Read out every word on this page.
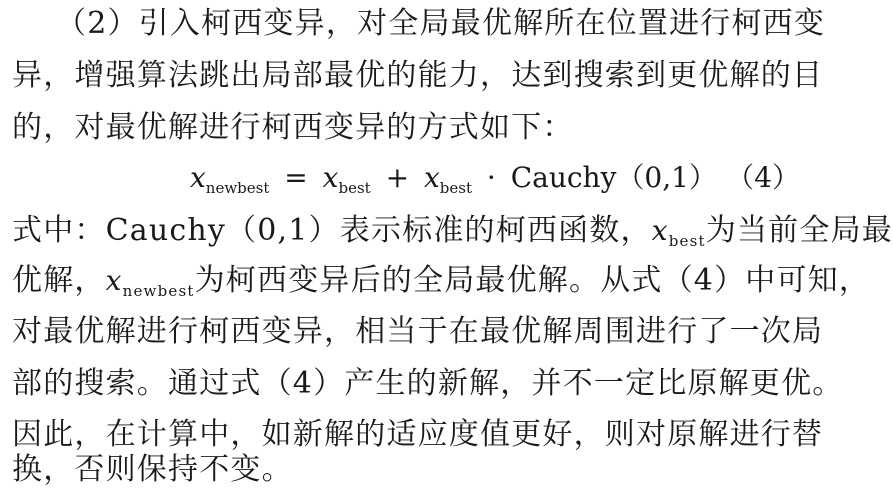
（2）引入柯西变异，对全局最优解所在位置进行柯西变
异，增强算法跳出局部最优的能力，达到搜索到更优解的目
的，对最优解进行柯西变异的方式如下：
$x_{newbest} = x_{best} + x_{best}$ · Cauchy（0,1） （4）
式中：Cauchy（0,1）表示标准的柯西函数，$x_{best}$为当前全局最
优解，$x_{newbest}$为柯西变异后的全局最优解。从式（4）中可知，
对最优解进行柯西变异，相当于在最优解周围进行了一次局
部的搜索。通过式（4）产生的新解，并不一定比原解更优。
因此，在计算中，如新解的适应度值更好，则对原解进行替
换，否则保持不变。
